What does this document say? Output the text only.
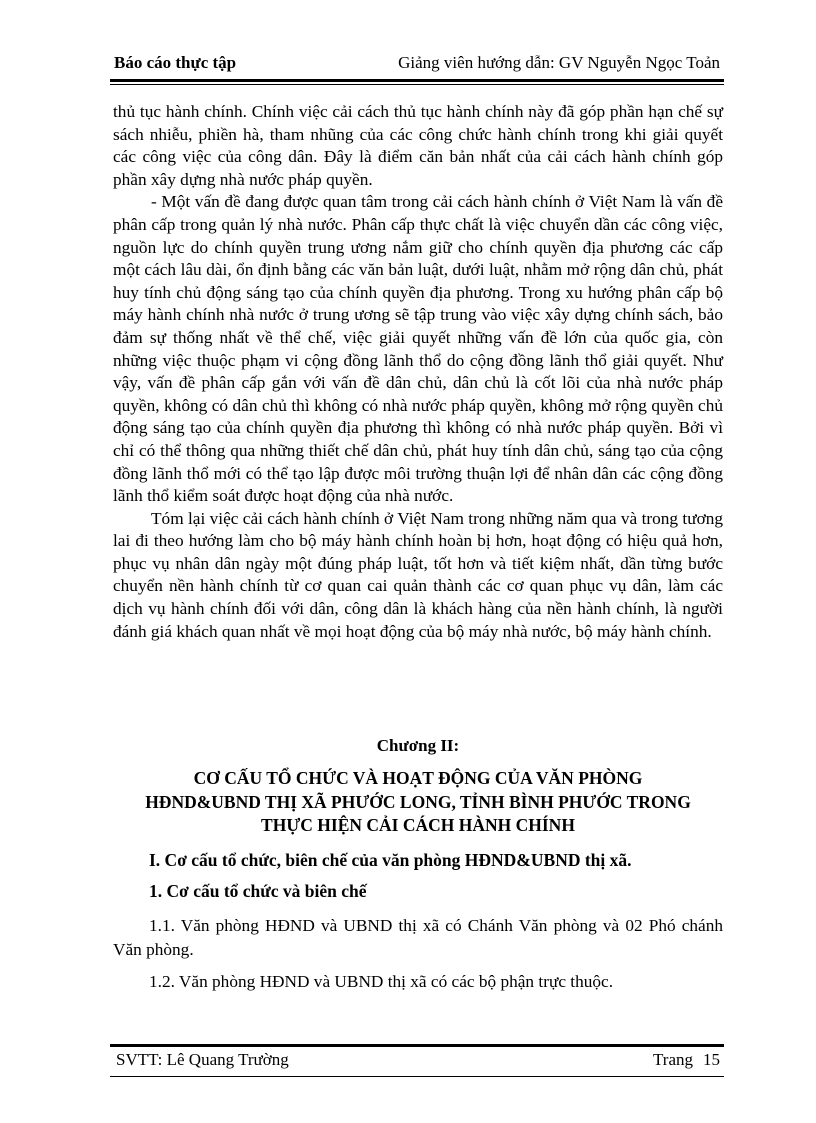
Báo cáo thực tập	Giảng viên hướng dẫn: GV Nguyễn Ngọc Toản

thủ tục hành chính. Chính việc cải cách thủ tục hành chính này đã góp phần hạn chế sự sách nhiễu, phiền hà, tham nhũng của các công chức hành chính trong khi giải quyết các công việc của công dân. Đây là điểm căn bản nhất của cải cách hành chính góp phần xây dựng nhà nước pháp quyền.

- Một vấn đề đang được quan tâm trong cải cách hành chính ở Việt Nam là vấn đề phân cấp trong quản lý nhà nước. Phân cấp thực chất là việc chuyển dần các công việc, nguồn lực do chính quyền trung ương nắm giữ cho chính quyền địa phương các cấp một cách lâu dài, ổn định bằng các văn bản luật, dưới luật, nhằm mở rộng dân chủ, phát huy tính chủ động sáng tạo của chính quyền địa phương. Trong xu hướng phân cấp bộ máy hành chính nhà nước ở trung ương sẽ tập trung vào việc xây dựng chính sách, bảo đảm sự thống nhất về thể chế, việc giải quyết những vấn đề lớn của quốc gia, còn những việc thuộc phạm vi cộng đồng lãnh thổ do cộng đồng lãnh thổ giải quyết. Như vậy, vấn đề phân cấp gắn với vấn đề dân chủ, dân chủ là cốt lõi của nhà nước pháp quyền, không có dân chủ thì không có nhà nước pháp quyền, không mở rộng quyền chủ động sáng tạo của chính quyền địa phương thì không có nhà nước pháp quyền. Bởi vì chỉ có thể thông qua những thiết chế dân chủ, phát huy tính dân chủ, sáng tạo của cộng đồng lãnh thổ mới có thể tạo lập được môi trường thuận lợi để nhân dân các cộng đồng lãnh thổ kiểm soát được hoạt động của nhà nước.

Tóm lại việc cải cách hành chính ở Việt Nam trong những năm qua và trong tương lai đi theo hướng làm cho bộ máy hành chính hoàn bị hơn, hoạt động có hiệu quả hơn, phục vụ nhân dân ngày một đúng pháp luật, tốt hơn và tiết kiệm nhất, dần từng bước chuyển nền hành chính từ cơ quan cai quản thành các cơ quan phục vụ dân, làm các dịch vụ hành chính đối với dân, công dân là khách hàng của nền hành chính, là người đánh giá khách quan nhất về mọi hoạt động của bộ máy nhà nước, bộ máy hành chính.

Chương II:
CƠ CẤU TỔ CHỨC VÀ HOẠT ĐỘNG CỦA VĂN PHÒNG
HĐND&UBND THỊ XÃ PHƯỚC LONG, TỈNH BÌNH PHƯỚC TRONG
THỰC HIỆN CẢI CÁCH HÀNH CHÍNH
I. Cơ cấu tổ chức, biên chế của văn phòng HĐND&UBND thị xã.
1. Cơ cấu tổ chức và biên chế
1.1. Văn phòng HĐND và UBND thị xã có Chánh Văn phòng và 02 Phó chánh Văn phòng.
1.2. Văn phòng HĐND và UBND thị xã có các bộ phận trực thuộc.
SVTT: Lê Quang Trường	Trang 15
